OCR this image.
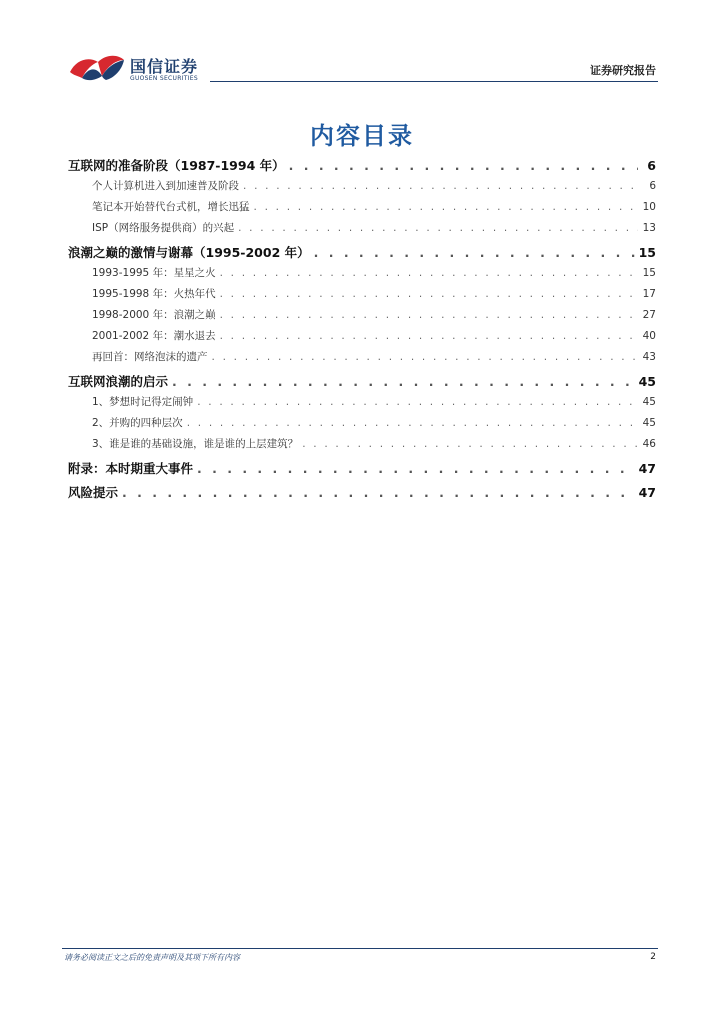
国信证券
GUOSEN SECURITIES
证券研究报告
内容目录
互联网的准备阶段（1987-1994 年） . . .	6
个人计算机进入到加速普及阶段 . . .	6
笔记本开始替代台式机，增长迅猛 . . .	10
ISP（网络服务提供商）的兴起 . . .	13
浪潮之巅的激情与谢幕（1995-2002 年） . . .	15
1993-1995 年：星星之火 . . .	15
1995-1998 年：火热年代 . . .	17
1998-2000 年：浪潮之巅 . . .	27
2001-2002 年：潮水退去 . . .	40
再回首：网络泡沫的遗产 . . .	43
互联网浪潮的启示 . . .	45
1、梦想时记得定闹钟 . . .	45
2、并购的四种层次 . . .	45
3、谁是谁的基础设施，谁是谁的上层建筑？ . . .	46
附录：本时期重大事件 . . .	47
风险提示 . . .	47
请务必阅读正文之后的免责声明及其项下所有内容	2
